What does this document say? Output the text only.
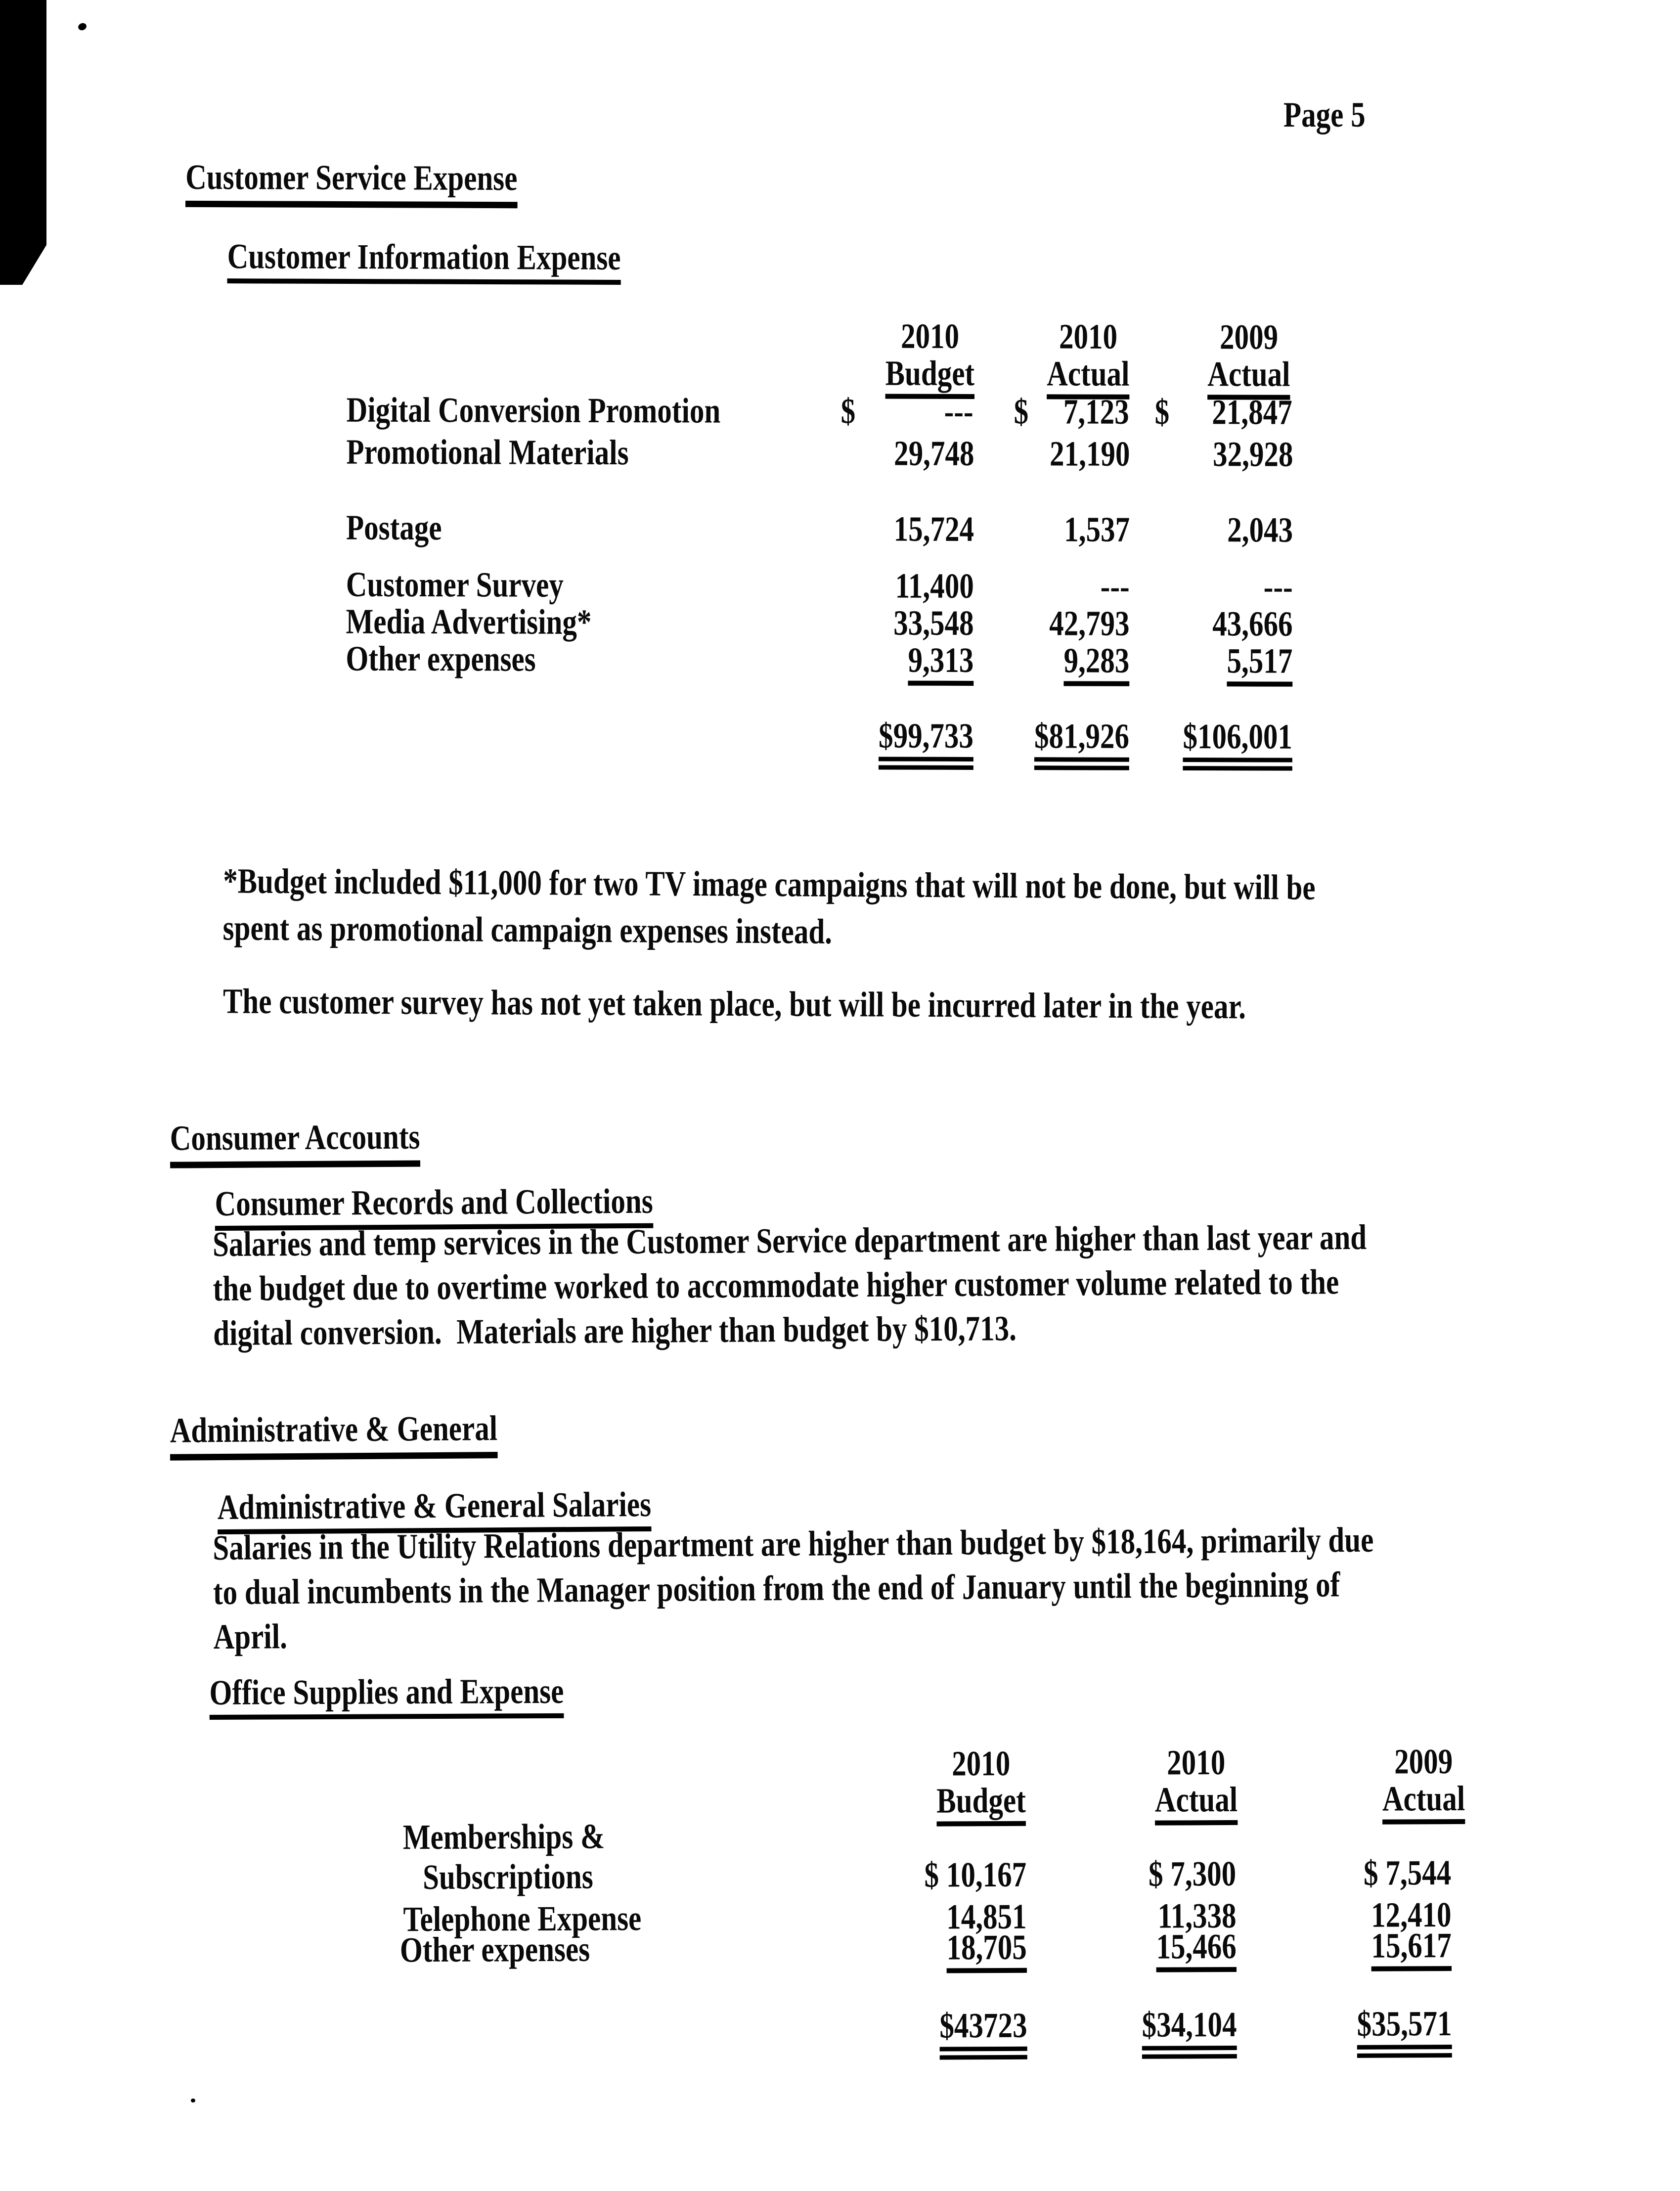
Page 5
Customer Service Expense
Customer Information Expense
2010	2010	2009
Budget	Actual	Actual
Digital Conversion Promotion	$ --- $ 7,123 $ 21,847
Promotional Materials	29,748	21,190	32,928
Postage	15,724	1,537	2,043
Customer Survey	11,400	---	---
Media Advertising*	33,548	42,793	43,666
Other expenses	9,313	9,283	5,517
$99,733	$81,926	$106,001
*Budget included $11,000 for two TV image campaigns that will not be done, but will be
spent as promotional campaign expenses instead.
The customer survey has not yet taken place, but will be incurred later in the year.
Consumer Accounts
Consumer Records and Collections
Salaries and temp services in the Customer Service department are higher than last year and
the budget due to overtime worked to accommodate higher customer volume related to the
digital conversion.  Materials are higher than budget by $10,713.
Administrative & General
Administrative & General Salaries
Salaries in the Utility Relations department are higher than budget by $18,164, primarily due
to dual incumbents in the Manager position from the end of January until the beginning of
April.
Office Supplies and Expense
2010	2010	2009
Budget	Actual	Actual
Memberships &
Subscriptions	$ 10,167	$ 7,300	$ 7,544
Telephone Expense	14,851	11,338	12,410
Other expenses	18,705	15,466	15,617
$43723	$34,104	$35,571
